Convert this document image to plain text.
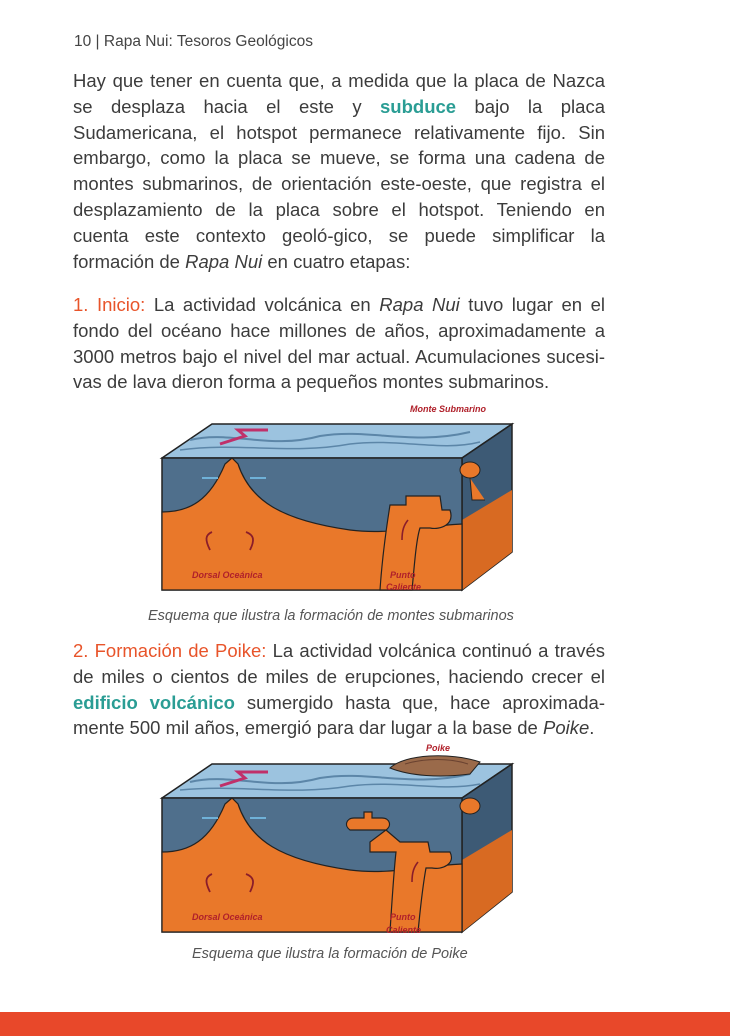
10 | Rapa Nui: Tesoros Geológicos

Hay que tener en cuenta que, a medida que la placa de Nazca se desplaza hacia el este y subduce bajo la placa Sudamericana, el hotspot permanece relativamente fijo. Sin embargo, como la placa se mueve, se forma una cadena de montes submarinos, de orientación este-oeste, que registra el desplazamiento de la placa sobre el hotspot. Teniendo en cuenta este contexto geoló-gico, se puede simplificar la formación de Rapa Nui en cuatro etapas:

1. Inicio: La actividad volcánica en Rapa Nui tuvo lugar en el fondo del océano hace millones de años, aproximadamente a 3000 metros bajo el nivel del mar actual. Acumulaciones sucesi-vas de lava dieron forma a pequeños montes submarinos.

Monte Submarino
Dorsal Oceánica	Punto
Caliente
Esquema que ilustra la formación de montes submarinos

2. Formación de Poike: La actividad volcánica continuó a través de miles o cientos de miles de erupciones, haciendo crecer el edificio volcánico sumergido hasta que, hace aproximada-mente 500 mil años, emergió para dar lugar a la base de Poike.

Poike
Dorsal Oceánica	Punto
Caliente
Esquema que ilustra la formación de Poike
